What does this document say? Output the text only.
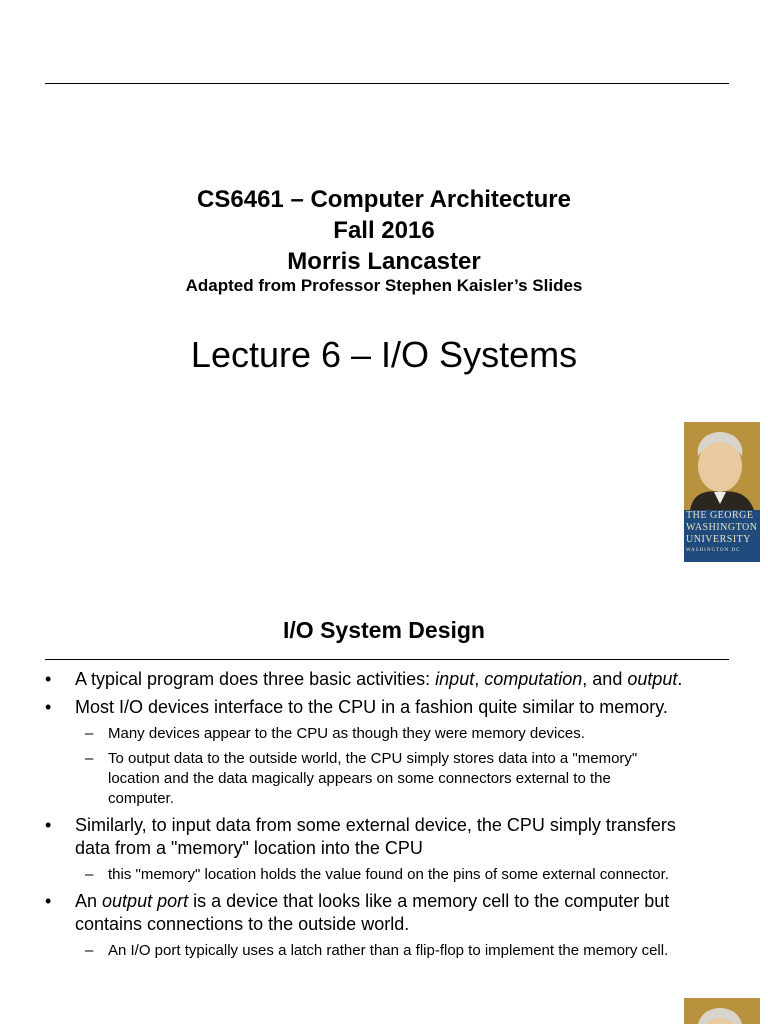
CS6461 – Computer Architecture
Fall 2016
Morris Lancaster
Adapted from Professor Stephen Kaisler’s Slides
Lecture 6 – I/O Systems
THE GEORGE
WASHINGTON
UNIVERSITY
WASHINGTON DC
I/O System Design
• A typical program does three basic activities: input, computation, and output.
• Most I/O devices interface to the CPU in a fashion quite similar to memory.
– Many devices appear to the CPU as though they were memory devices.
– To output data to the outside world, the CPU simply stores data into a "memory" location and the data magically appears on some connectors external to the computer.
• Similarly, to input data from some external device, the CPU simply transfers data from a "memory" location into the CPU
– this "memory" location holds the value found on the pins of some external connector.
• An output port is a device that looks like a memory cell to the computer but contains connections to the outside world.
– An I/O port typically uses a latch rather than a flip-flop to implement the memory cell.
